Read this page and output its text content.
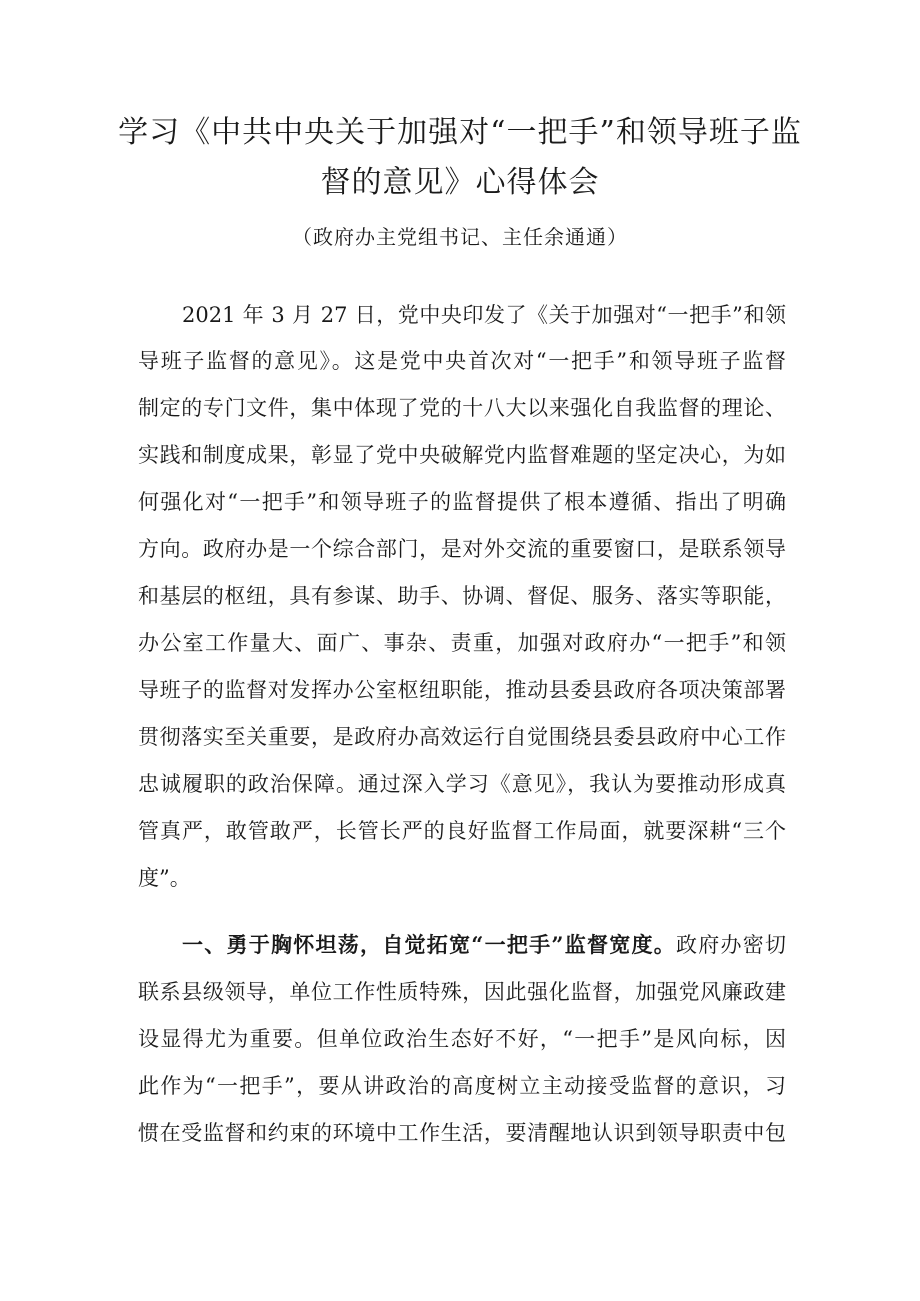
学习《中共中央关于加强对“一把手”和领导班子监
督的意见》心得体会
（政府办主党组书记、主任余通通）
2021 年 3 月 27 日，党中央印发了《关于加强对“一把手”和领
导班子监督的意见》。这是党中央首次对“一把手”和领导班子监督
制定的专门文件，集中体现了党的十八大以来强化自我监督的理论、
实践和制度成果，彰显了党中央破解党内监督难题的坚定决心，为如
何强化对“一把手”和领导班子的监督提供了根本遵循、指出了明确
方向。政府办是一个综合部门，是对外交流的重要窗口，是联系领导
和基层的枢纽，具有参谋、助手、协调、督促、服务、落实等职能，
办公室工作量大、面广、事杂、责重，加强对政府办“一把手”和领
导班子的监督对发挥办公室枢纽职能，推动县委县政府各项决策部署
贯彻落实至关重要，是政府办高效运行自觉围绕县委县政府中心工作
忠诚履职的政治保障。通过深入学习《意见》，我认为要推动形成真
管真严，敢管敢严，长管长严的良好监督工作局面，就要深耕“三个
度”。
一、勇于胸怀坦荡，自觉拓宽“一把手”监督宽度。政府办密切
联系县级领导，单位工作性质特殊，因此强化监督，加强党风廉政建
设显得尤为重要。但单位政治生态好不好，“一把手”是风向标，因
此作为“一把手”，要从讲政治的高度树立主动接受监督的意识，习
惯在受监督和约束的环境中工作生活，要清醒地认识到领导职责中包
